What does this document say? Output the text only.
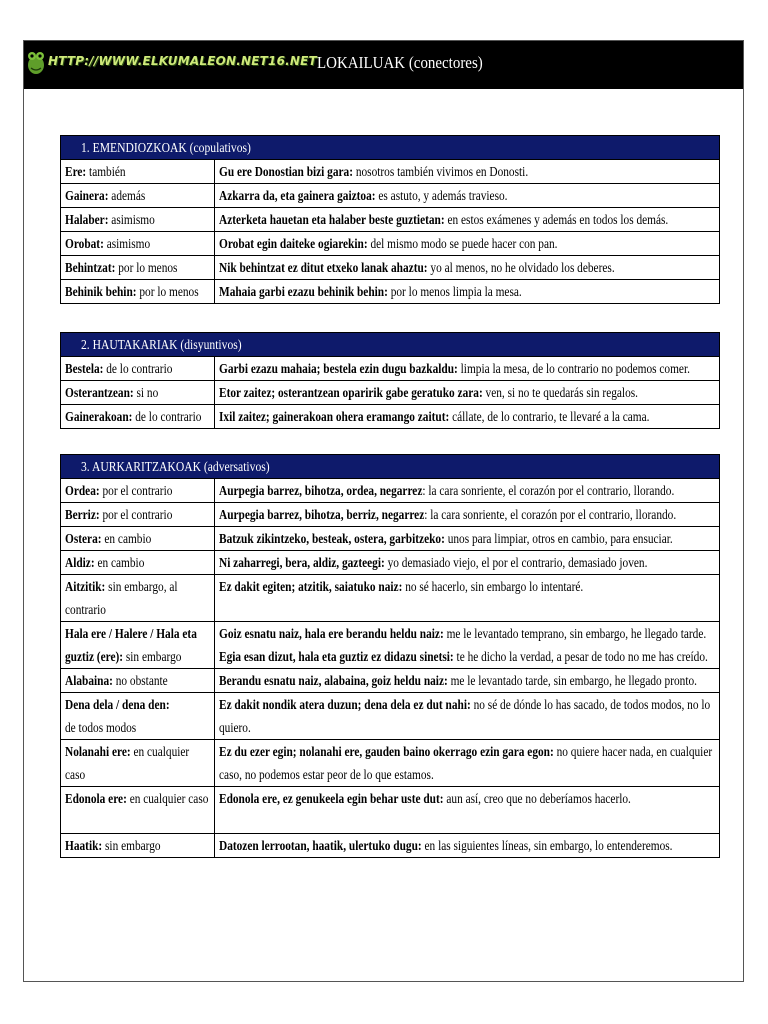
HTTP://WWW.ELKUMALEON.NET16.NET LOKAILUAK (conectores)
1. EMENDIOZKOAK (copulativos)	
Ere: también	Gu ere Donostian bizi gara: nosotros también vivimos en Donosti.
Gainera: además	Azkarra da, eta gainera gaiztoa: es astuto, y además travieso.
Halaber: asimismo	Azterketa hauetan eta halaber beste guztietan: en estos exámenes y además en todos los demás.
Orobat: asimismo	Orobat egin daiteke ogiarekin: del mismo modo se puede hacer con pan.
Behintzat: por lo menos	Nik behintzat ez ditut etxeko lanak ahaztu: yo al menos, no he olvidado los deberes.
Behinik behin: por lo menos	Mahaia garbi ezazu behinik behin: por lo menos limpia la mesa.
2. HAUTAKARIAK (disyuntivos)	
Bestela: de lo contrario	Garbi ezazu mahaia; bestela ezin dugu bazkaldu: limpia la mesa, de lo contrario no podemos comer.
Osterantzean: si no	Etor zaitez; osterantzean oparirik gabe geratuko zara: ven, si no te quedarás sin regalos.
Gainerakoan: de lo contrario	Ixil zaitez; gainerakoan ohera eramango zaitut: cállate, de lo contrario, te llevaré a la cama.
3. AURKARITZAKOAK (adversativos)	
Ordea: por el contrario	Aurpegia barrez, bihotza, ordea, negarrez: la cara sonriente, el corazón por el contrario, llorando.
Berriz: por el contrario	Aurpegia barrez, bihotza, berriz, negarrez: la cara sonriente, el corazón por el contrario, llorando.
Ostera: en cambio	Batzuk zikintzeko, besteak, ostera, garbitzeko: unos para limpiar, otros en cambio, para ensuciar.
Aldiz: en cambio	Ni zaharregi, bera, aldiz, gazteegi: yo demasiado viejo, el por el contrario, demasiado joven.
Aitzitik: sin embargo, al contrario	Ez dakit egiten; atzitik, saiatuko naiz: no sé hacerlo, sin embargo lo intentaré.
Hala ere / Halere / Hala eta guztiz (ere): sin embargo	Goiz esnatu naiz, hala ere berandu heldu naiz: me le levantado temprano, sin embargo, he llegado tarde.
Egia esan dizut, hala eta guztiz ez didazu sinetsi: te he dicho la verdad, a pesar de todo no me has creído.
Alabaina: no obstante	Berandu esnatu naiz, alabaina, goiz heldu naiz: me le levantado tarde, sin embargo, he llegado pronto.
Dena dela / dena den:
de todos modos	Ez dakit nondik atera duzun; dena dela ez dut nahi: no sé de dónde lo has sacado, de todos modos, no lo quiero.
Nolanahi ere: en cualquier caso	Ez du ezer egin; nolanahi ere, gauden baino okerrago ezin gara egon: no quiere hacer nada, en cualquier caso, no podemos estar peor de lo que estamos.
Edonola ere: en cualquier caso	Edonola ere, ez genukeela egin behar uste dut: aun así, creo que no deberíamos hacerlo.
Haatik: sin embargo	Datozen lerrootan, haatik, ulertuko dugu: en las siguientes líneas, sin embargo, lo entenderemos.
